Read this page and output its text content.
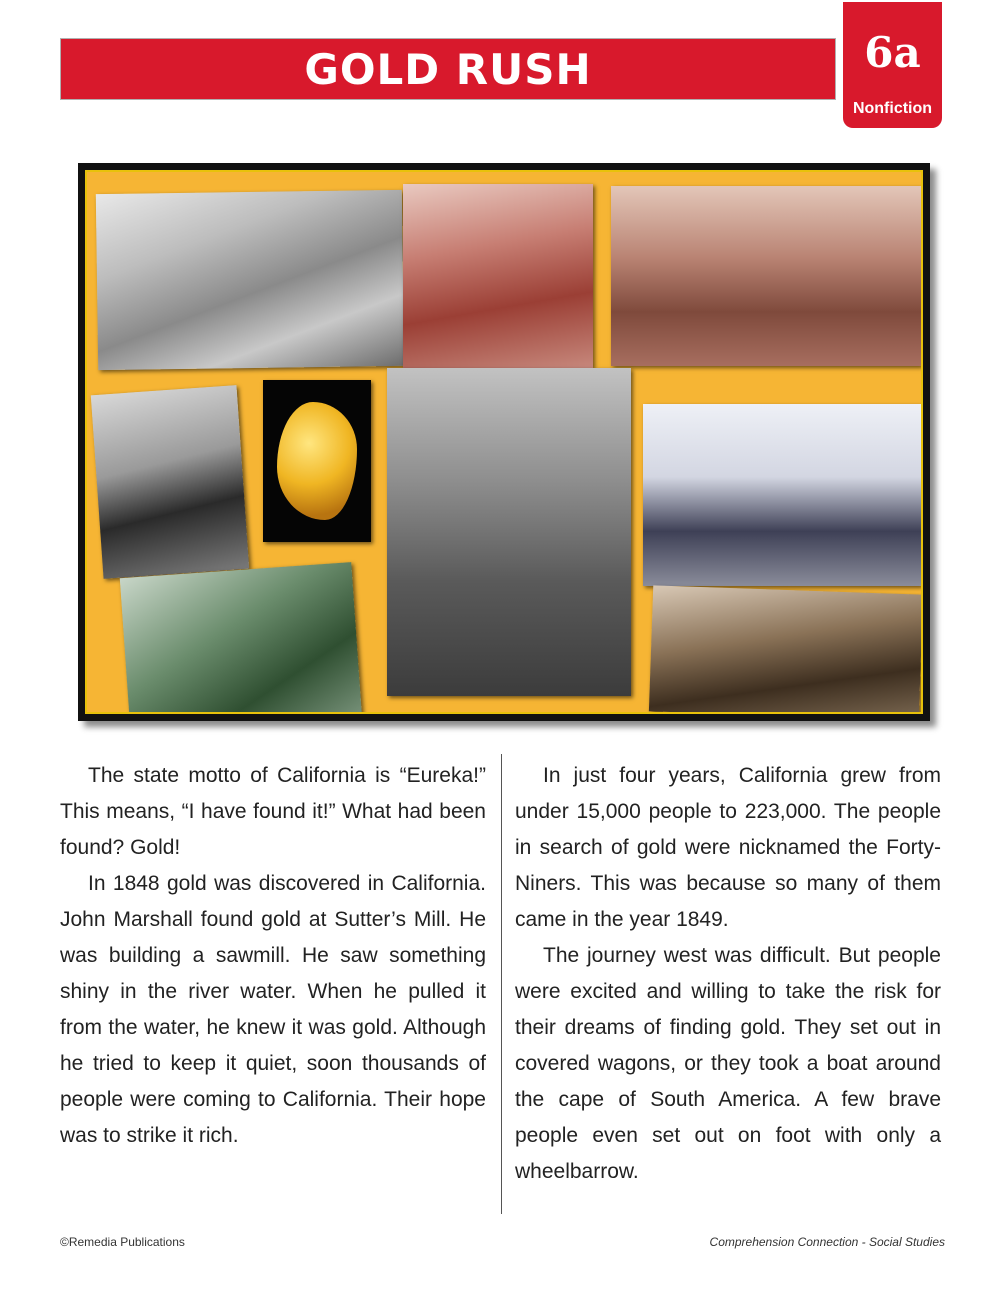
GOLD RUSH	6a
Nonfiction

The state motto of California is “Eureka!” This means, “I have found it!” What had been found? Gold!

In 1848 gold was discovered in California. John Marshall found gold at Sutter’s Mill. He was building a sawmill. He saw something shiny in the river water. When he pulled it from the water, he knew it was gold. Although he tried to keep it quiet, soon thousands of people were coming to California. Their hope was to strike it rich.

In just four years, California grew from under 15,000 people to 223,000. The people in search of gold were nicknamed the Forty-Niners. This was because so many of them came in the year 1849.

The journey west was difficult. But people were excited and willing to take the risk for their dreams of finding gold. They set out in covered wagons, or they took a boat around the cape of South America. A few brave people even set out on foot with only a wheelbarrow.

©Remedia Publications	Comprehension Connection - Social Studies
